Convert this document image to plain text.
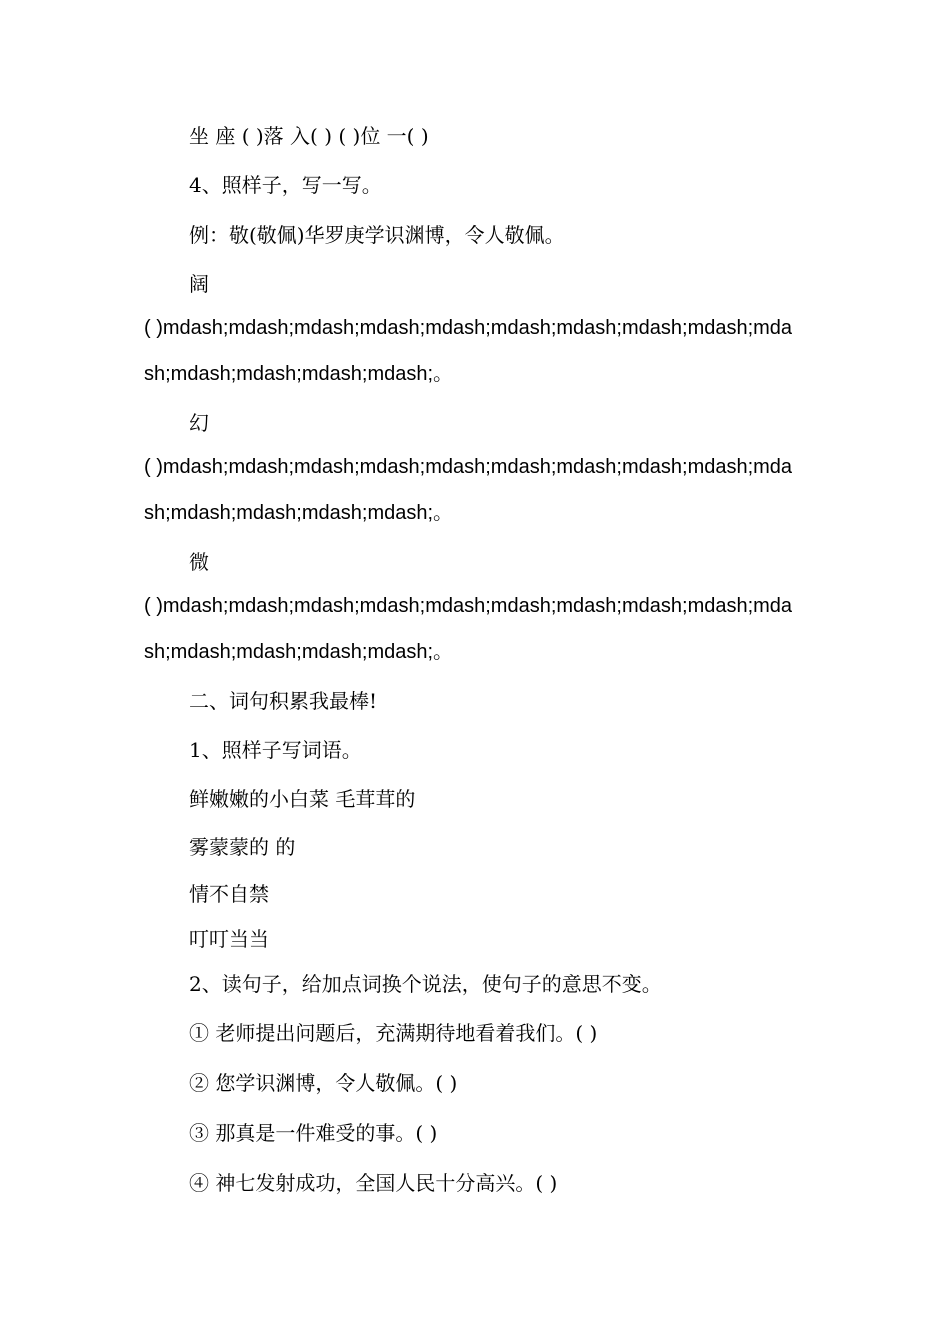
坐 座 ( )落 入( ) ( )位 一( )
4、照样子，写一写。
例：敬(敬佩)华罗庚学识渊博，令人敬佩。
阔
( )mdash;mdash;mdash;mdash;mdash;mdash;mdash;mdash;mdash;mda
sh;mdash;mdash;mdash;mdash;。
幻
( )mdash;mdash;mdash;mdash;mdash;mdash;mdash;mdash;mdash;mda
sh;mdash;mdash;mdash;mdash;。
微
( )mdash;mdash;mdash;mdash;mdash;mdash;mdash;mdash;mdash;mda
sh;mdash;mdash;mdash;mdash;。
二、词句积累我最棒!
1、照样子写词语。
鲜嫩嫩的小白菜 毛茸茸的
雾蒙蒙的 的
情不自禁
叮叮当当
2、读句子，给加点词换个说法，使句子的意思不变。
① 老师提出问题后，充满期待地看着我们。( )
② 您学识渊博，令人敬佩。( )
③ 那真是一件难受的事。( )
④ 神七发射成功，全国人民十分高兴。( )
